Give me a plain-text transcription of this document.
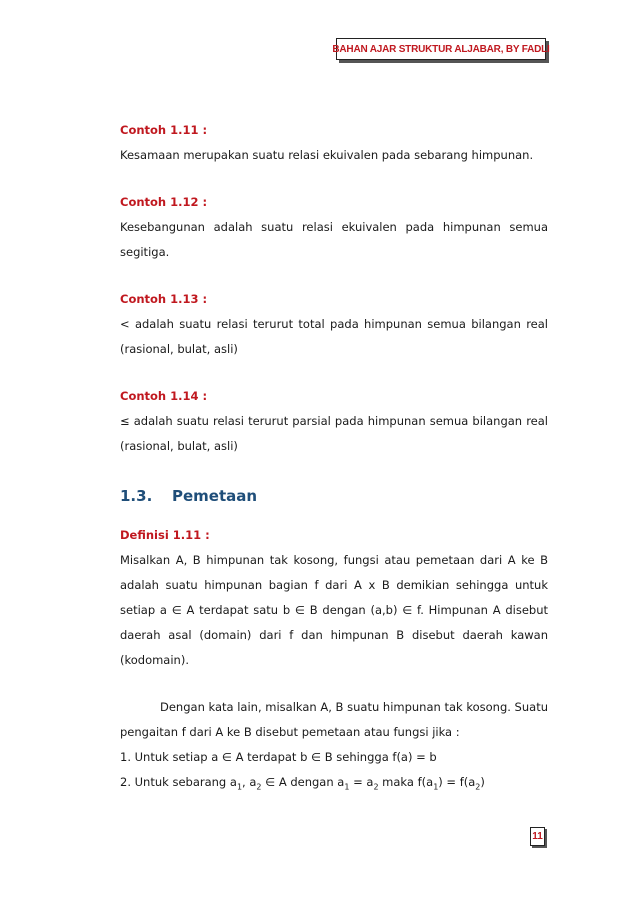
BAHAN AJAR STRUKTUR ALJABAR, BY FADLI

Contoh 1.11 :

Kesamaan merupakan suatu relasi ekuivalen pada sebarang himpunan.

Contoh 1.12 :

Kesebangunan adalah suatu relasi ekuivalen pada himpunan semua segitiga.

Contoh 1.13 :

< adalah suatu relasi terurut total pada himpunan semua bilangan real (rasional, bulat, asli)

Contoh 1.14 :

≤ adalah suatu relasi terurut parsial pada himpunan semua bilangan real (rasional, bulat, asli)

1.3. Pemetaan

Definisi 1.11 :

Misalkan A, B himpunan tak kosong, fungsi atau pemetaan dari A ke B adalah suatu himpunan bagian f dari A x B demikian sehingga untuk setiap a ∈ A terdapat satu b ∈ B dengan (a,b) ∈ f. Himpunan A disebut daerah asal (domain) dari f dan himpunan B disebut daerah kawan (kodomain).

Dengan kata lain, misalkan A, B suatu himpunan tak kosong. Suatu pengaitan f dari A ke B disebut pemetaan atau fungsi jika :

1. Untuk setiap a ∈ A terdapat b ∈ B sehingga f(a) = b

2. Untuk sebarang $a_1$, $a_2$ ∈ A dengan $a_1 = a_2$ maka $f(a_1) = f(a_2)$

11
